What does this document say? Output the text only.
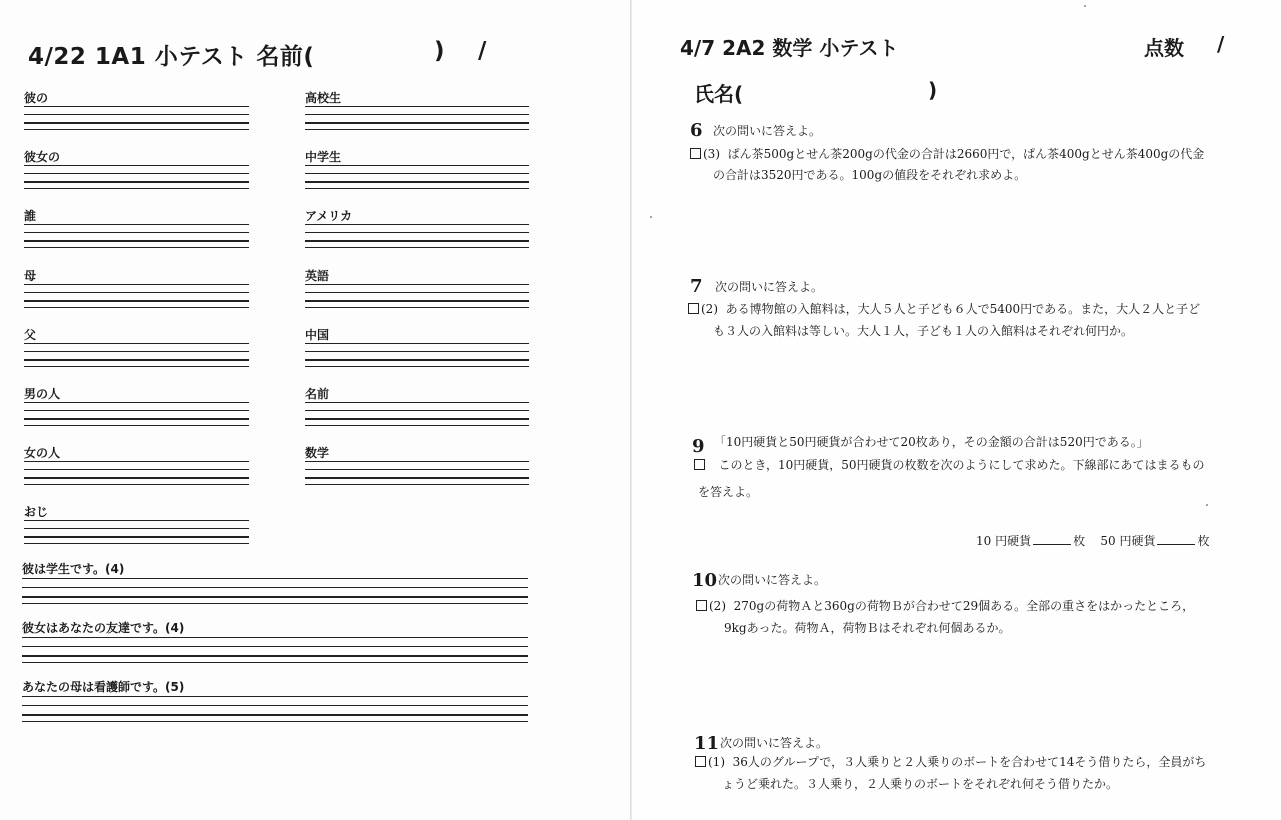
4/22 1A1 小テスト 名前(	) /
彼の
彼女の
誰
母
父
男の人
女の人
おじ
高校生
中学生
アメリカ
英語
中国
名前
数学
彼は学生です。(4)
彼女はあなたの友達です。(4)
あなたの母は看護師です。(5)
4/7 2A2 数学 小テスト	点数 /
氏名(	)
6 次の問いに答えよ。
(3) ぱん茶500gとせん茶200gの代金の合計は2660円で，ぱん茶400gとせん茶400gの代金
の合計は3520円である。100gの値段をそれぞれ求めよ。
7 次の問いに答えよ。
(2) ある博物館の入館料は，大人５人と子ども６人で5400円である。また，大人２人と子ど
も３人の入館料は等しい。大人１人，子ども１人の入館料はそれぞれ何円か。
9 「10円硬貨と50円硬貨が合わせて20枚あり，その金額の合計は520円である。」
このとき，10円硬貨，50円硬貨の枚数を次のようにして求めた。下線部にあてはまるもの
を答えよ。
10 円硬貨	枚 50 円硬貨	枚
10 次の問いに答えよ。
(2) 270gの荷物Ａと360gの荷物Ｂが合わせて29個ある。全部の重さをはかったところ，
9kgあった。荷物Ａ，荷物Ｂはそれぞれ何個あるか。
11 次の問いに答えよ。
(1) 36人のグループで，３人乗りと２人乗りのボートを合わせて14そう借りたら，全員がち
ょうど乗れた。３人乗り，２人乗りのボートをそれぞれ何そう借りたか。
